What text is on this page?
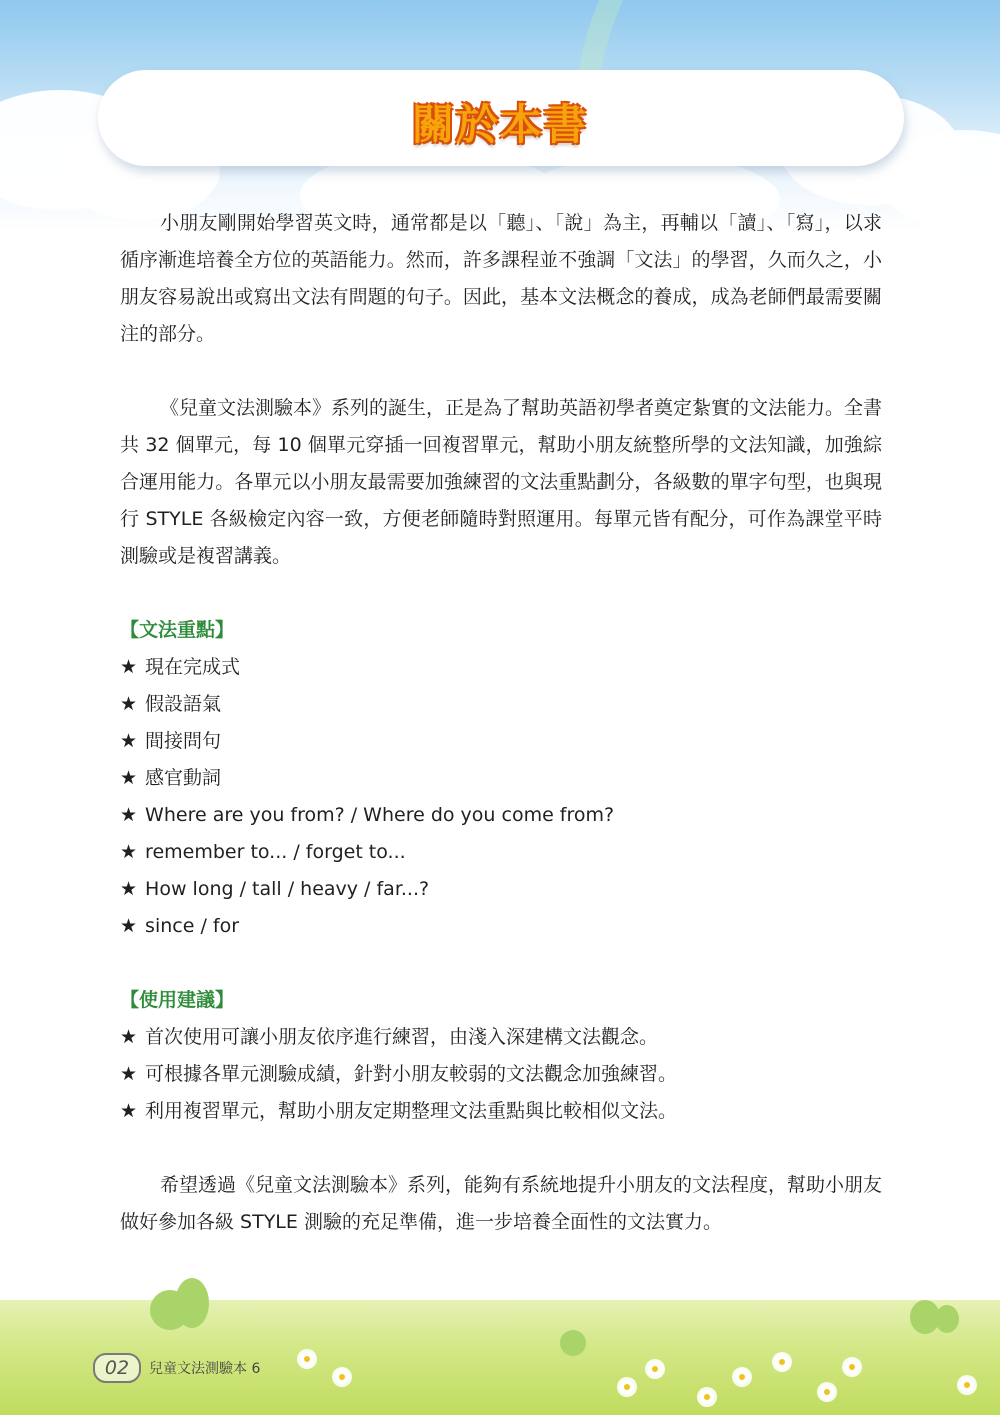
關於本書

小朋友剛開始學習英文時，通常都是以「聽」、「說」為主，再輔以「讀」、「寫」，以求循序漸進培養全方位的英語能力。然而，許多課程並不強調「文法」的學習，久而久之，小朋友容易說出或寫出文法有問題的句子。因此，基本文法概念的養成，成為老師們最需要關注的部分。

《兒童文法測驗本》系列的誕生，正是為了幫助英語初學者奠定紮實的文法能力。全書共 32 個單元，每 10 個單元穿插一回複習單元，幫助小朋友統整所學的文法知識，加強綜合運用能力。各單元以小朋友最需要加強練習的文法重點劃分，各級數的單字句型，也與現行 STYLE 各級檢定內容一致，方便老師隨時對照運用。每單元皆有配分，可作為課堂平時測驗或是複習講義。

【文法重點】

★ 現在完成式
★ 假設語氣
★ 間接問句
★ 感官動詞
★ Where are you from? / Where do you come from?
★ remember to... / forget to...
★ How long / tall / heavy / far...?
★ since / for

【使用建議】

★ 首次使用可讓小朋友依序進行練習，由淺入深建構文法觀念。
★ 可根據各單元測驗成績，針對小朋友較弱的文法觀念加強練習。
★ 利用複習單元，幫助小朋友定期整理文法重點與比較相似文法。

希望透過《兒童文法測驗本》系列，能夠有系統地提升小朋友的文法程度，幫助小朋友做好參加各級 STYLE 測驗的充足準備，進一步培養全面性的文法實力。

02	兒童文法測驗本 6
